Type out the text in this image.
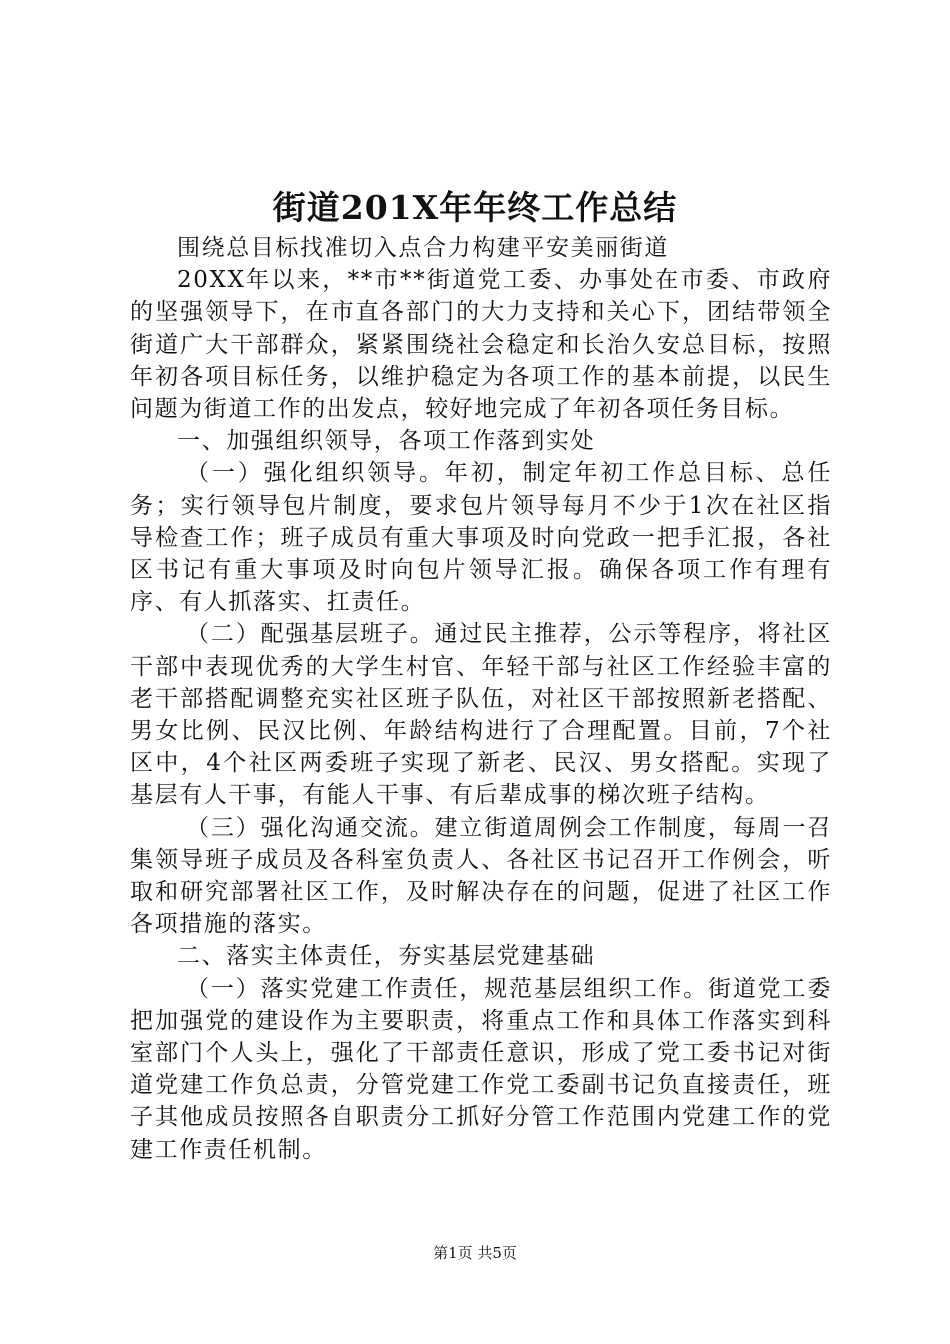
街道201X年年终工作总结

围绕总目标找准切入点合力构建平安美丽街道

20XX年以来，**市**街道党工委、办事处在市委、市政府的坚强领导下，在市直各部门的大力支持和关心下，团结带领全街道广大干部群众，紧紧围绕社会稳定和长治久安总目标，按照年初各项目标任务，以维护稳定为各项工作的基本前提，以民生问题为街道工作的出发点，较好地完成了年初各项任务目标。

一、加强组织领导，各项工作落到实处

（一）强化组织领导。年初，制定年初工作总目标、总任务；实行领导包片制度，要求包片领导每月不少于1次在社区指导检查工作；班子成员有重大事项及时向党政一把手汇报，各社区书记有重大事项及时向包片领导汇报。确保各项工作有理有序、有人抓落实、扛责任。

（二）配强基层班子。通过民主推荐，公示等程序，将社区干部中表现优秀的大学生村官、年轻干部与社区工作经验丰富的老干部搭配调整充实社区班子队伍，对社区干部按照新老搭配、男女比例、民汉比例、年龄结构进行了合理配置。目前，7个社区中，4个社区两委班子实现了新老、民汉、男女搭配。实现了基层有人干事，有能人干事、有后辈成事的梯次班子结构。

（三）强化沟通交流。建立街道周例会工作制度，每周一召集领导班子成员及各科室负责人、各社区书记召开工作例会，听取和研究部署社区工作，及时解决存在的问题，促进了社区工作各项措施的落实。

二、落实主体责任，夯实基层党建基础

（一）落实党建工作责任，规范基层组织工作。街道党工委把加强党的建设作为主要职责，将重点工作和具体工作落实到科室部门个人头上，强化了干部责任意识，形成了党工委书记对街道党建工作负总责，分管党建工作党工委副书记负直接责任，班子其他成员按照各自职责分工抓好分管工作范围内党建工作的党建工作责任机制。

第1页 共5页
